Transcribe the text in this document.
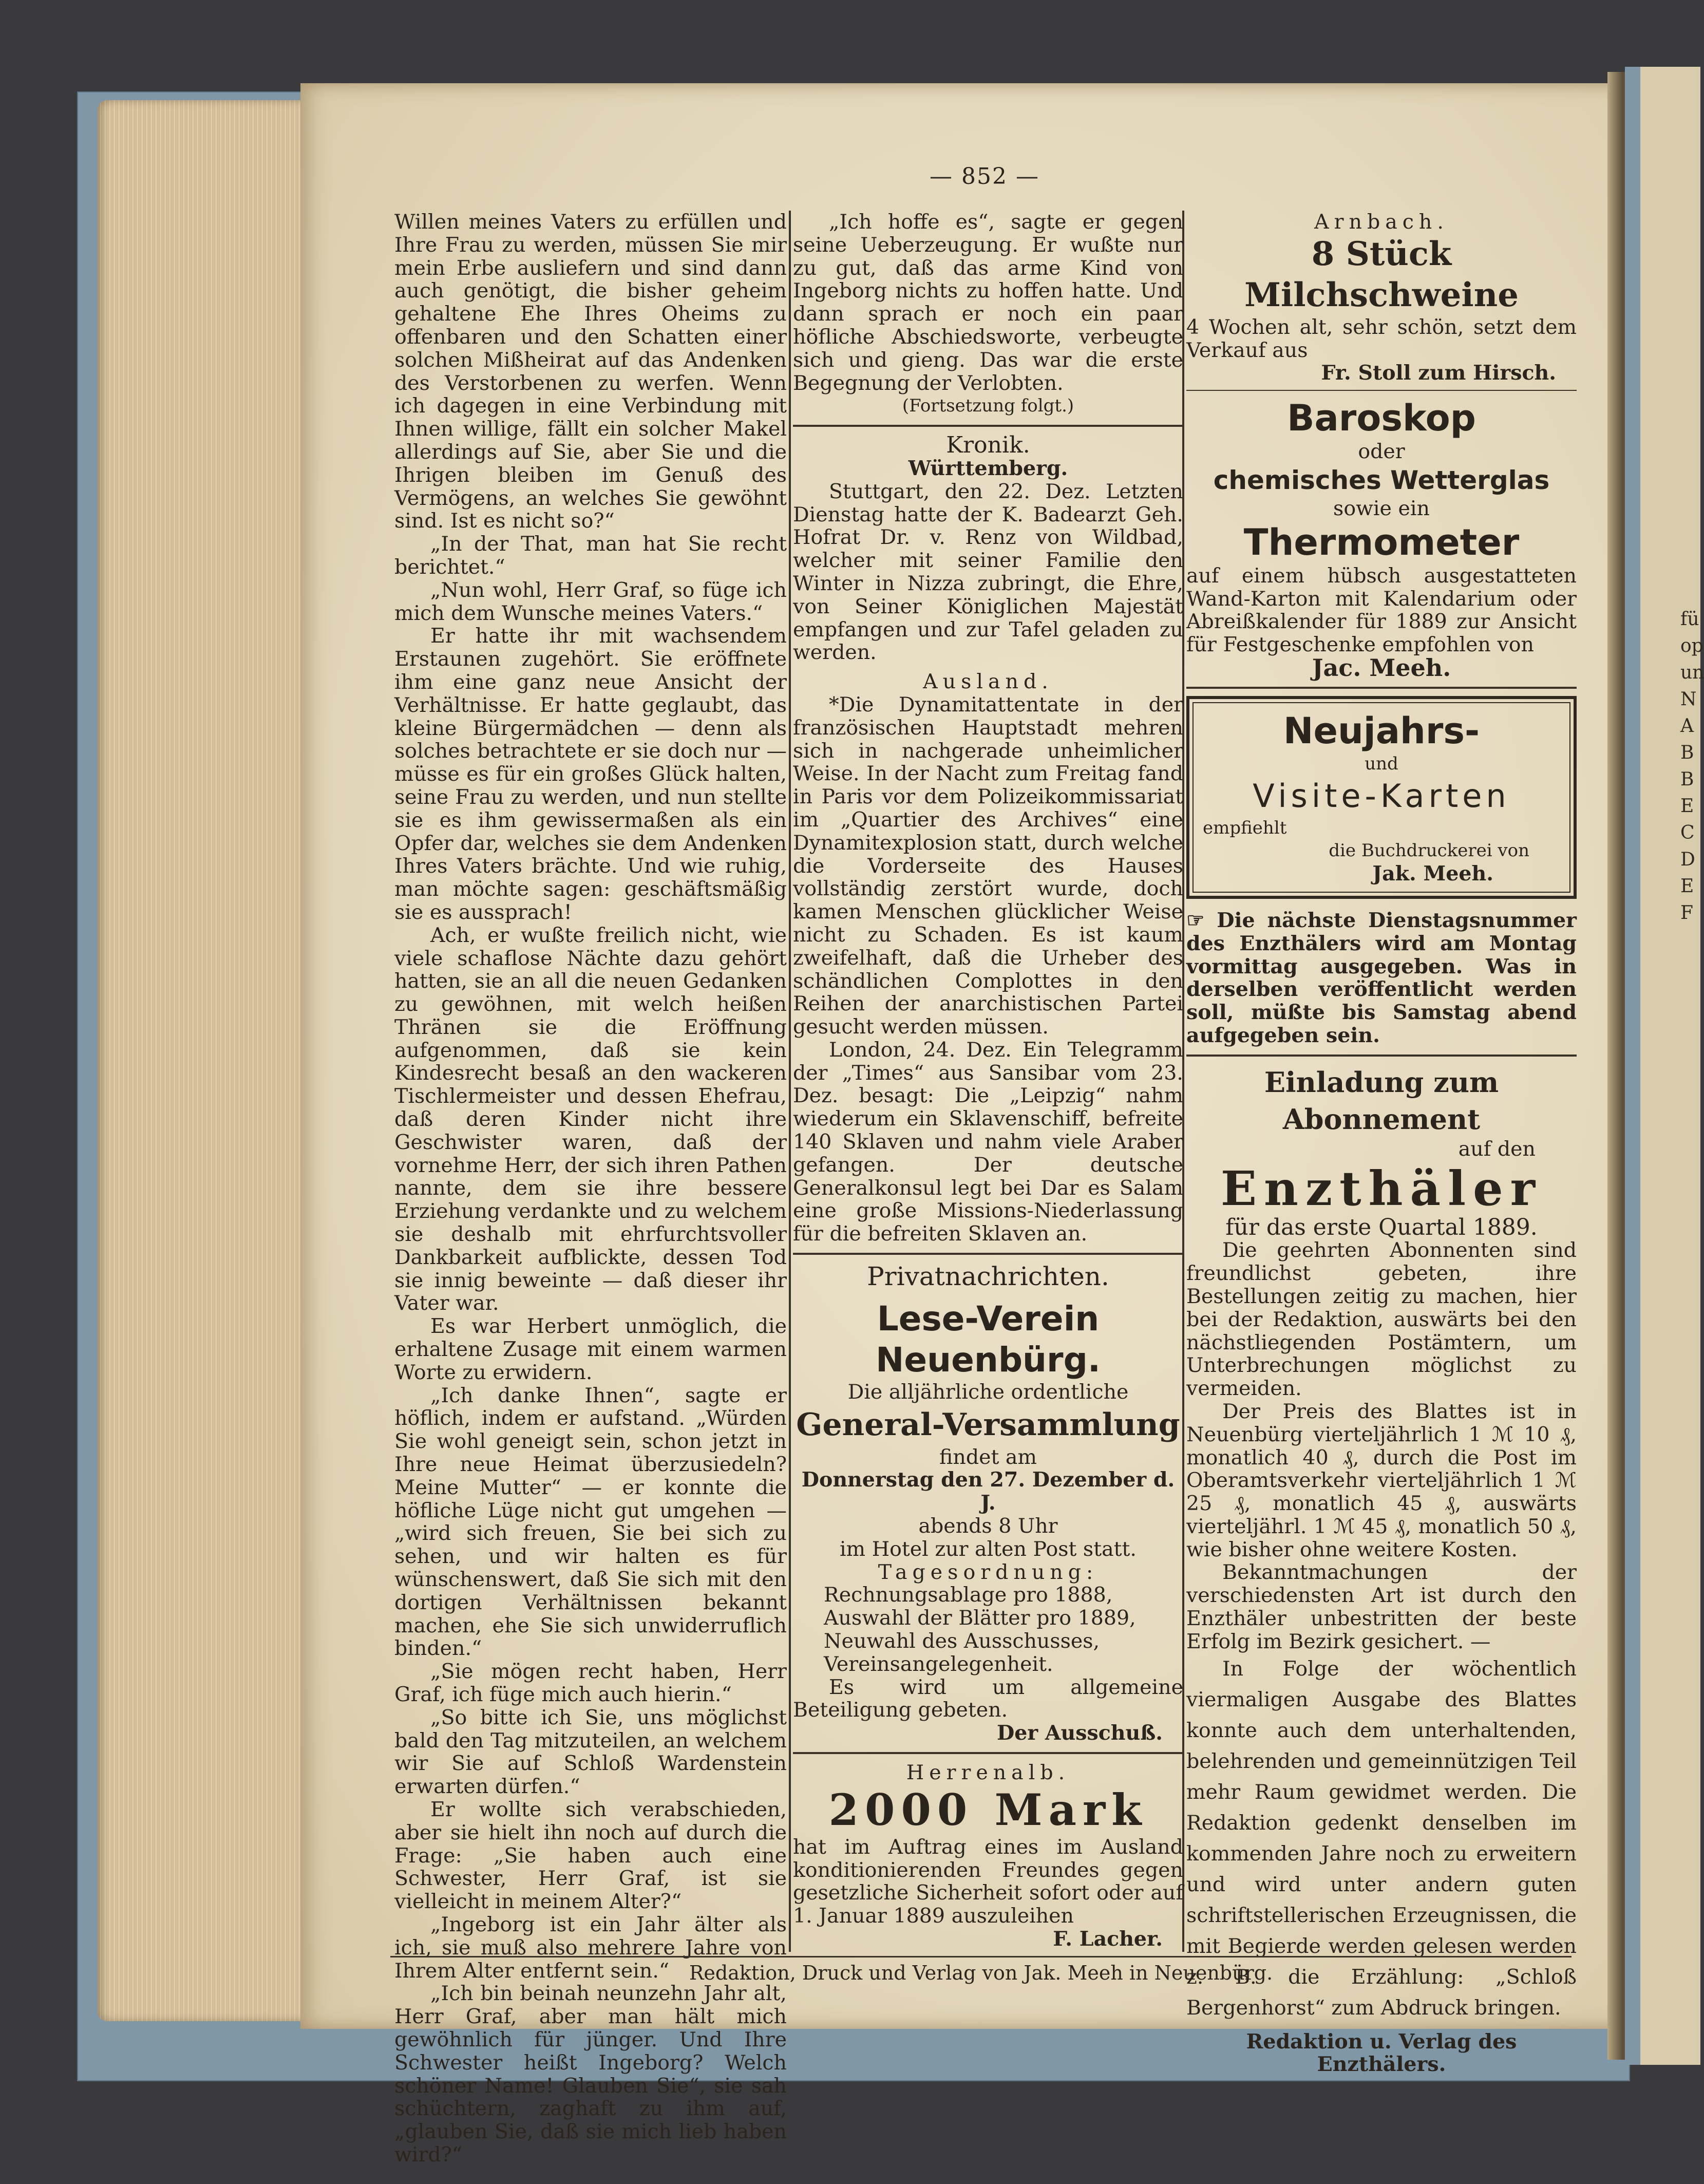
fü
op
un
N
A
B
B
E
C
D
E
F
— 852 —

Willen meines Vaters zu erfüllen und Ihre Frau zu werden, müssen Sie mir mein Erbe ausliefern und sind dann auch genötigt, die bisher geheim gehaltene Ehe Ihres Oheims zu offenbaren und den Schatten einer solchen Mißheirat auf das Andenken des Verstorbenen zu werfen. Wenn ich dagegen in eine Verbindung mit Ihnen willige, fällt ein solcher Makel allerdings auf Sie, aber Sie und die Ihrigen bleiben im Genuß des Vermögens, an welches Sie gewöhnt sind. Ist es nicht so?“

„In der That, man hat Sie recht berichtet.“

„Nun wohl, Herr Graf, so füge ich mich dem Wunsche meines Vaters.“

Er hatte ihr mit wachsendem Erstaunen zugehört. Sie eröffnete ihm eine ganz neue Ansicht der Verhältnisse. Er hatte geglaubt, das kleine Bürgermädchen — denn als solches betrachtete er sie doch nur — müsse es für ein großes Glück halten, seine Frau zu werden, und nun stellte sie es ihm gewissermaßen als ein Opfer dar, welches sie dem Andenken Ihres Vaters brächte. Und wie ruhig, man möchte sagen: geschäftsmäßig sie es aussprach!

Ach, er wußte freilich nicht, wie viele schaflose Nächte dazu gehört hatten, sie an all die neuen Gedanken zu gewöhnen, mit welch heißen Thränen sie die Eröffnung aufgenommen, daß sie kein Kindesrecht besaß an den wackeren Tischlermeister und dessen Ehefrau, daß deren Kinder nicht ihre Geschwister waren, daß der vornehme Herr, der sich ihren Pathen nannte, dem sie ihre bessere Erziehung verdankte und zu welchem sie deshalb mit ehrfurchtsvoller Dankbarkeit aufblickte, dessen Tod sie innig beweinte — daß dieser ihr Vater war.

Es war Herbert unmöglich, die erhaltene Zusage mit einem warmen Worte zu erwidern.

„Ich danke Ihnen“, sagte er höflich, indem er aufstand. „Würden Sie wohl geneigt sein, schon jetzt in Ihre neue Heimat überzusiedeln? Meine Mutter“ — er konnte die höfliche Lüge nicht gut umgehen — „wird sich freuen, Sie bei sich zu sehen, und wir halten es für wünschenswert, daß Sie sich mit den dortigen Verhältnissen bekannt machen, ehe Sie sich unwiderruflich binden.“

„Sie mögen recht haben, Herr Graf, ich füge mich auch hierin.“

„So bitte ich Sie, uns möglichst bald den Tag mitzuteilen, an welchem wir Sie auf Schloß Wardenstein erwarten dürfen.“

Er wollte sich verabschieden, aber sie hielt ihn noch auf durch die Frage: „Sie haben auch eine Schwester, Herr Graf, ist sie vielleicht in meinem Alter?“

„Ingeborg ist ein Jahr älter als ich, sie muß also mehrere Jahre von Ihrem Alter entfernt sein.“

„Ich bin beinah neunzehn Jahr alt, Herr Graf, aber man hält mich gewöhnlich für jünger. Und Ihre Schwester heißt Ingeborg? Welch schöner Name! Glauben Sie“, sie sah schüchtern, zaghaft zu ihm auf, „glauben Sie, daß sie mich lieb haben wird?“

„Ich hoffe es“, sagte er gegen seine Ueberzeugung. Er wußte nur zu gut, daß das arme Kind von Ingeborg nichts zu hoffen hatte. Und dann sprach er noch ein paar höfliche Abschiedsworte, verbeugte sich und gieng. Das war die erste Begegnung der Verlobten.

(Fortsetzung folgt.)
Kronik.
Württemberg.

Stuttgart, den 22. Dez. Letzten Dienstag hatte der K. Badearzt Geh. Hofrat Dr. v. Renz von Wildbad, welcher mit seiner Familie den Winter in Nizza zubringt, die Ehre, von Seiner Königlichen Majestät empfangen und zur Tafel geladen zu werden.

Ausland.

*Die Dynamitattentate in der französischen Hauptstadt mehren sich in nachgerade unheimlicher Weise. In der Nacht zum Freitag fand in Paris vor dem Polizeikommissariat im „Quartier des Archives“ eine Dynamitexplosion statt, durch welche die Vorderseite des Hauses vollständig zerstört wurde, doch kamen Menschen glücklicher Weise nicht zu Schaden. Es ist kaum zweifelhaft, daß die Urheber des schändlichen Complottes in den Reihen der anarchistischen Partei gesucht werden müssen.

London, 24. Dez. Ein Telegramm der „Times“ aus Sansibar vom 23. Dez. besagt: Die „Leipzig“ nahm wiederum ein Sklavenschiff, befreite 140 Sklaven und nahm viele Araber gefangen. Der deutsche Generalkonsul legt bei Dar es Salam eine große Missions-Niederlassung für die befreiten Sklaven an.

Privatnachrichten.
Lese-Verein Neuenbürg.
Die alljährliche ordentliche
General-Versammlung
findet am
Donnerstag den 27. Dezember d. J.
abends 8 Uhr
im Hotel zur alten Post statt.
Tagesordnung:
Rechnungsablage pro 1888,
Auswahl der Blätter pro 1889,
Neuwahl des Ausschusses,
Vereinsangelegenheit.

Es wird um allgemeine Beteiligung gebeten.

Der Ausschuß.
Herrenalb.
2000 Mark
hat im Auftrag eines im Ausland konditionierenden Freundes gegen gesetzliche Sicherheit sofort oder auf 1. Januar 1889 auszuleihen
F. Lacher.
Arnbach.
8 Stück Milchschweine
4 Wochen alt, sehr schön, setzt dem Verkauf aus
Fr. Stoll zum Hirsch.
Baroskop
oder
chemisches Wetterglas
sowie ein
Thermometer
auf einem hübsch ausgestatteten Wand-Karton mit Kalendarium oder Abreißkalender für 1889 zur Ansicht für Festgeschenke empfohlen von
Jac. Meeh.
Neujahrs-
und
Visite-Karten
empfiehlt
die Buchdruckerei von
Jak. Meeh.
☞ Die nächste Dienstagsnummer des Enzthälers wird am Montag vormittag ausgegeben. Was in derselben veröffentlicht werden soll, müßte bis Samstag abend aufgegeben sein.
Einladung zum Abonnement
auf den
Enzthäler
für das erste Quartal 1889.

Die geehrten Abonnenten sind freundlichst gebeten, ihre Bestellungen zeitig zu machen, hier bei der Redaktion, auswärts bei den nächstliegenden Postämtern, um Unterbrechungen möglichst zu vermeiden.

Der Preis des Blattes ist in Neuenbürg vierteljährlich 1 ℳ 10 ₰, monatlich 40 ₰, durch die Post im Oberamtsverkehr vierteljährlich 1 ℳ 25 ₰, monatlich 45 ₰, auswärts vierteljährl. 1 ℳ 45 ₰, monatlich 50 ₰, wie bisher ohne weitere Kosten.

Bekanntmachungen der verschiedensten Art ist durch den Enzthäler unbestritten der beste Erfolg im Bezirk gesichert. —

In Folge der wöchentlich viermaligen Ausgabe des Blattes konnte auch dem unterhaltenden, belehrenden und gemeinnützigen Teil mehr Raum gewidmet werden. Die Redaktion gedenkt denselben im kommenden Jahre noch zu erweitern und wird unter andern guten schriftstellerischen Erzeugnissen, die mit Begierde werden gelesen werden z. B. die Erzählung: „Schloß Bergenhorst“ zum Abdruck bringen.

Redaktion u. Verlag des Enzthälers.
Redaktion, Druck und Verlag von Jak. Meeh in Neuenbürg.
